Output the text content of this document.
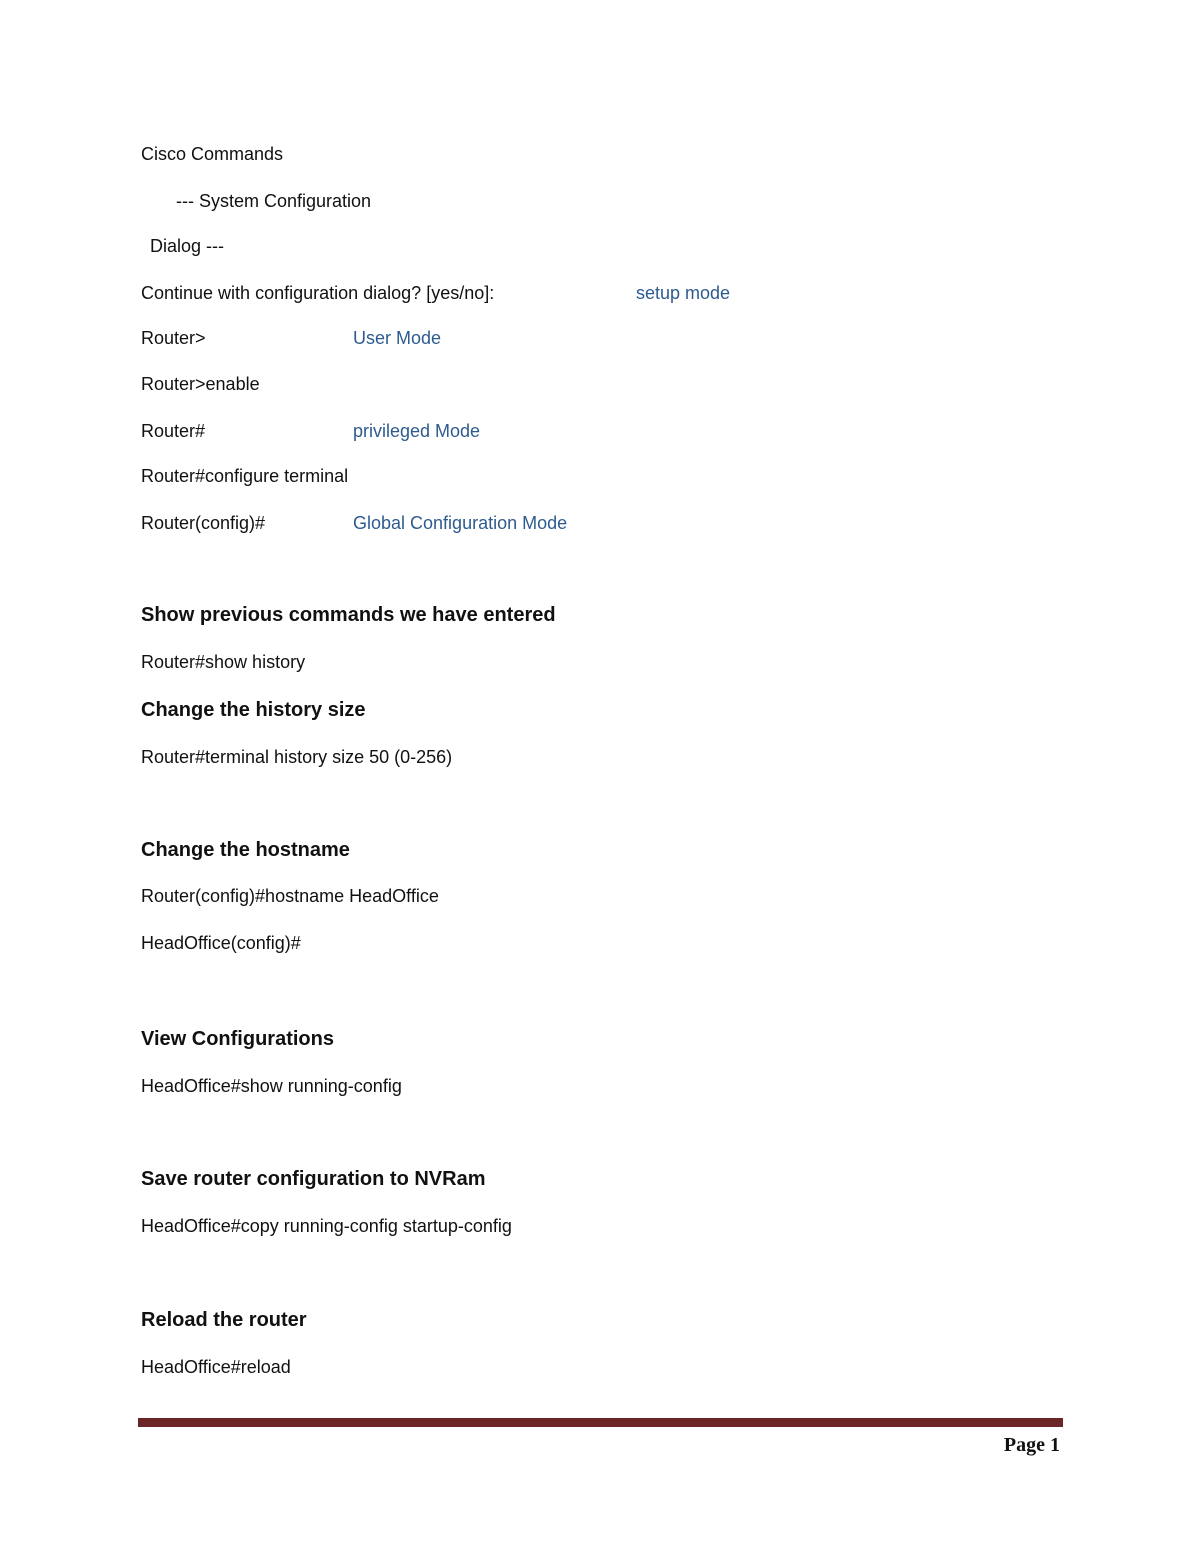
Cisco Commands
--- System Configuration
Dialog ---
Continue with configuration dialog? [yes/no]:	setup mode
Router>	User Mode
Router>enable
Router#	privileged Mode
Router#configure terminal
Router(config)#	Global Configuration Mode
Show previous commands we have entered
Router#show history
Change the history size
Router#terminal history size 50 (0-256)
Change the hostname
Router(config)#hostname HeadOffice
HeadOffice(config)#
View Configurations
HeadOffice#show running-config
Save router configuration to NVRam
HeadOffice#copy running-config startup-config
Reload the router
HeadOffice#reload
Page 1
